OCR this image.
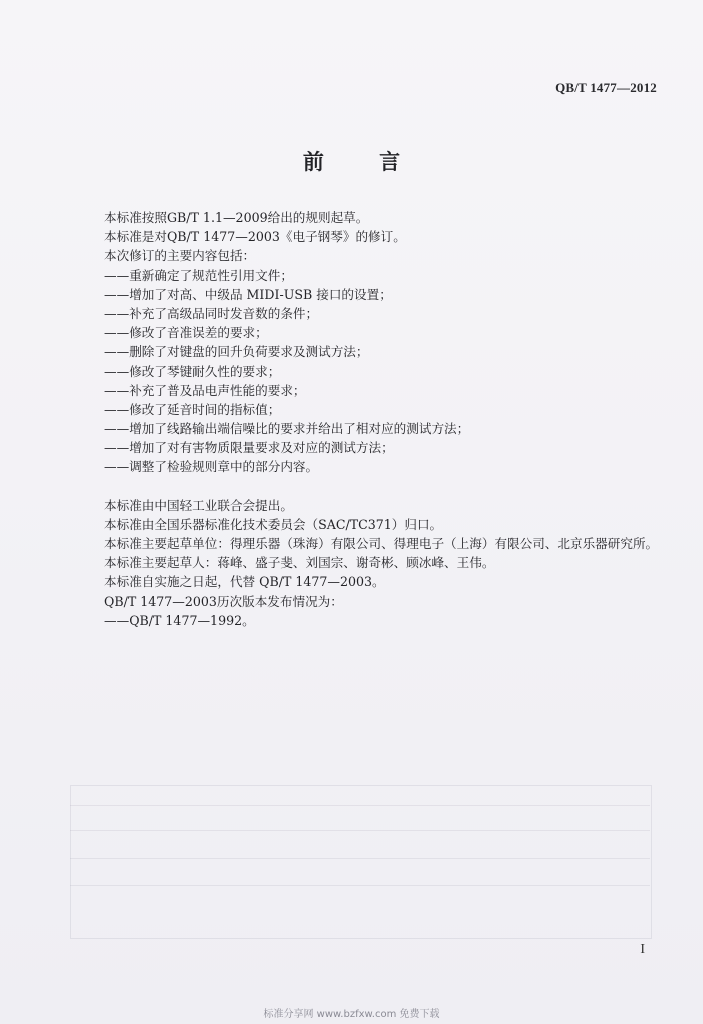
QB/T 1477—2012
前 言
本标准按照GB/T 1.1—2009给出的规则起草。
本标准是对QB/T 1477—2003《电子钢琴》的修订。
本次修订的主要内容包括：
——重新确定了规范性引用文件；
——增加了对高、中级品 MIDI-USB 接口的设置；
——补充了高级品同时发音数的条件；
——修改了音准误差的要求；
——删除了对键盘的回升负荷要求及测试方法；
——修改了琴键耐久性的要求；
——补充了普及品电声性能的要求；
——修改了延音时间的指标值；
——增加了线路输出端信噪比的要求并给出了相对应的测试方法；
——增加了对有害物质限量要求及对应的测试方法；
——调整了检验规则章中的部分内容。
本标准由中国轻工业联合会提出。
本标准由全国乐器标准化技术委员会（SAC/TC371）归口。
本标准主要起草单位：得理乐器（珠海）有限公司、得理电子（上海）有限公司、北京乐器研究所。
本标准主要起草人：蒋峰、盛子斐、刘国宗、谢奇彬、顾冰峰、王伟。
本标准自实施之日起，代替 QB/T 1477—2003。
QB/T 1477—2003历次版本发布情况为：
——QB/T 1477—1992。
I
标准分享网 www.bzfxw.com 免费下载
